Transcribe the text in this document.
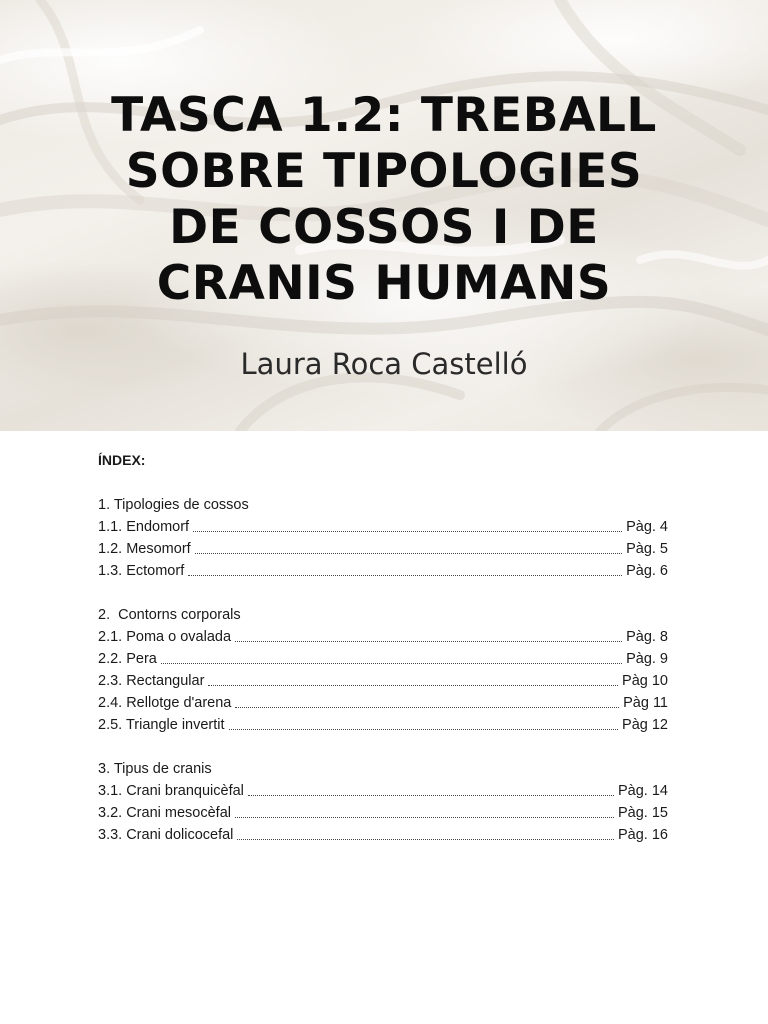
TASCA 1.2: TREBALL SOBRE TIPOLOGIES DE COSSOS I DE CRANIS HUMANS
Laura Roca Castelló
ÍNDEX:
1. Tipologies de cossos
1.1. Endomorf	Pàg. 4
1.2. Mesomorf	Pàg. 5
1.3. Ectomorf	Pàg. 6
2.  Contorns corporals
2.1. Poma o ovalada	Pàg. 8
2.2. Pera	Pàg. 9
2.3. Rectangular	Pàg 10
2.4. Rellotge d'arena	Pàg 11
2.5. Triangle invertit	Pàg 12
3. Tipus de cranis
3.1. Crani branquicèfal	Pàg. 14
3.2. Crani mesocèfal	Pàg. 15
3.3. Crani dolicocefal	Pàg. 16
